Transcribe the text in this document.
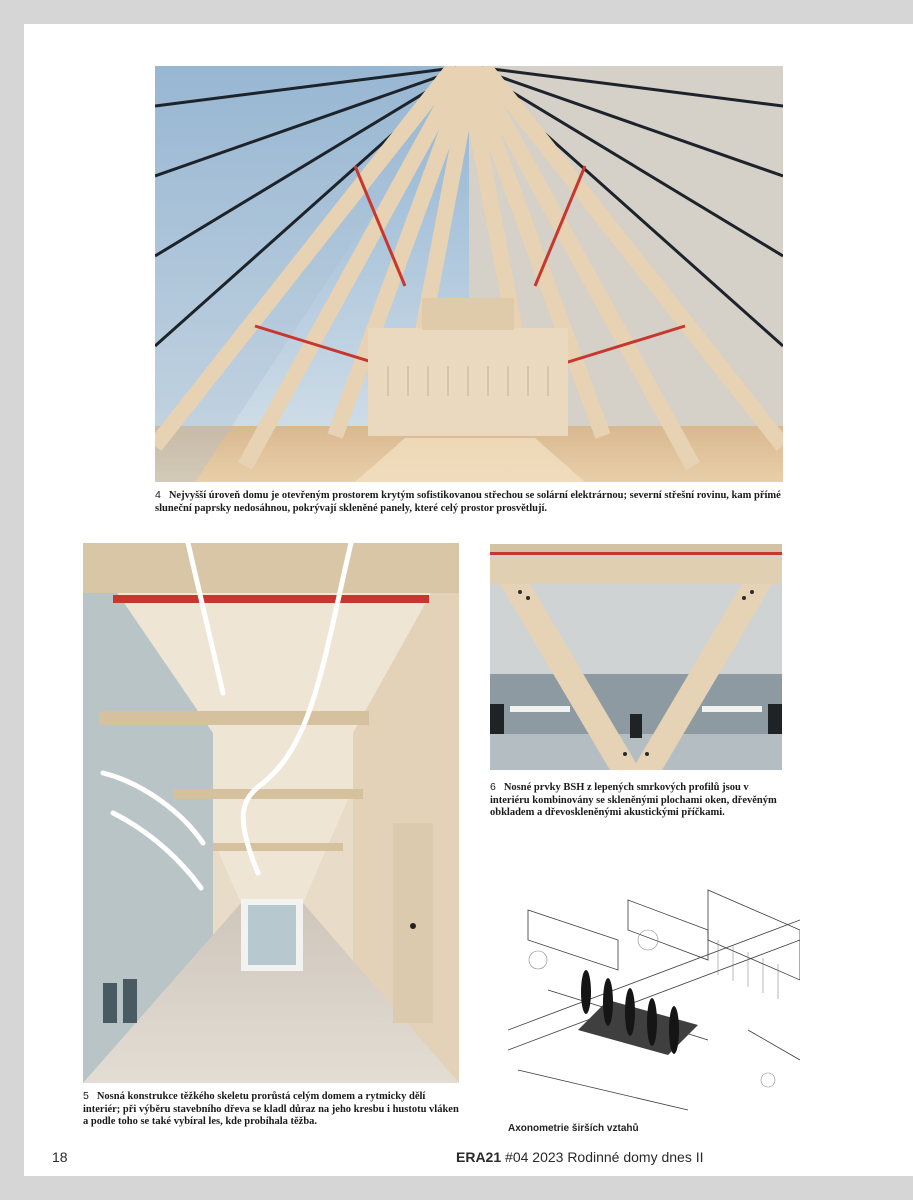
4 Nejvyšší úroveň domu je otevřeným prostorem krytým sofistikovanou střechou se solární elektrárnou; severní střešní rovinu, kam přímé sluneční paprsky nedosáhnou, pokrývají skleněné panely, které celý prostor prosvětlují.
5 Nosná konstrukce těžkého skeletu prorůstá celým domem a rytmicky dělí interiér; při výběru stavebního dřeva se kladl důraz na jeho kresbu i hustotu vláken a podle toho se také vybíral les, kde probíhala těžba.
6 Nosné prvky BSH z lepených smrkových profilů jsou v interiéru kombinovány se skleněnými plochami oken, dřevěným obkladem a dřevoskleněnými akustickými příčkami.
Axonometrie širších vztahů
18	ERA21 #04 2023 Rodinné domy dnes II
